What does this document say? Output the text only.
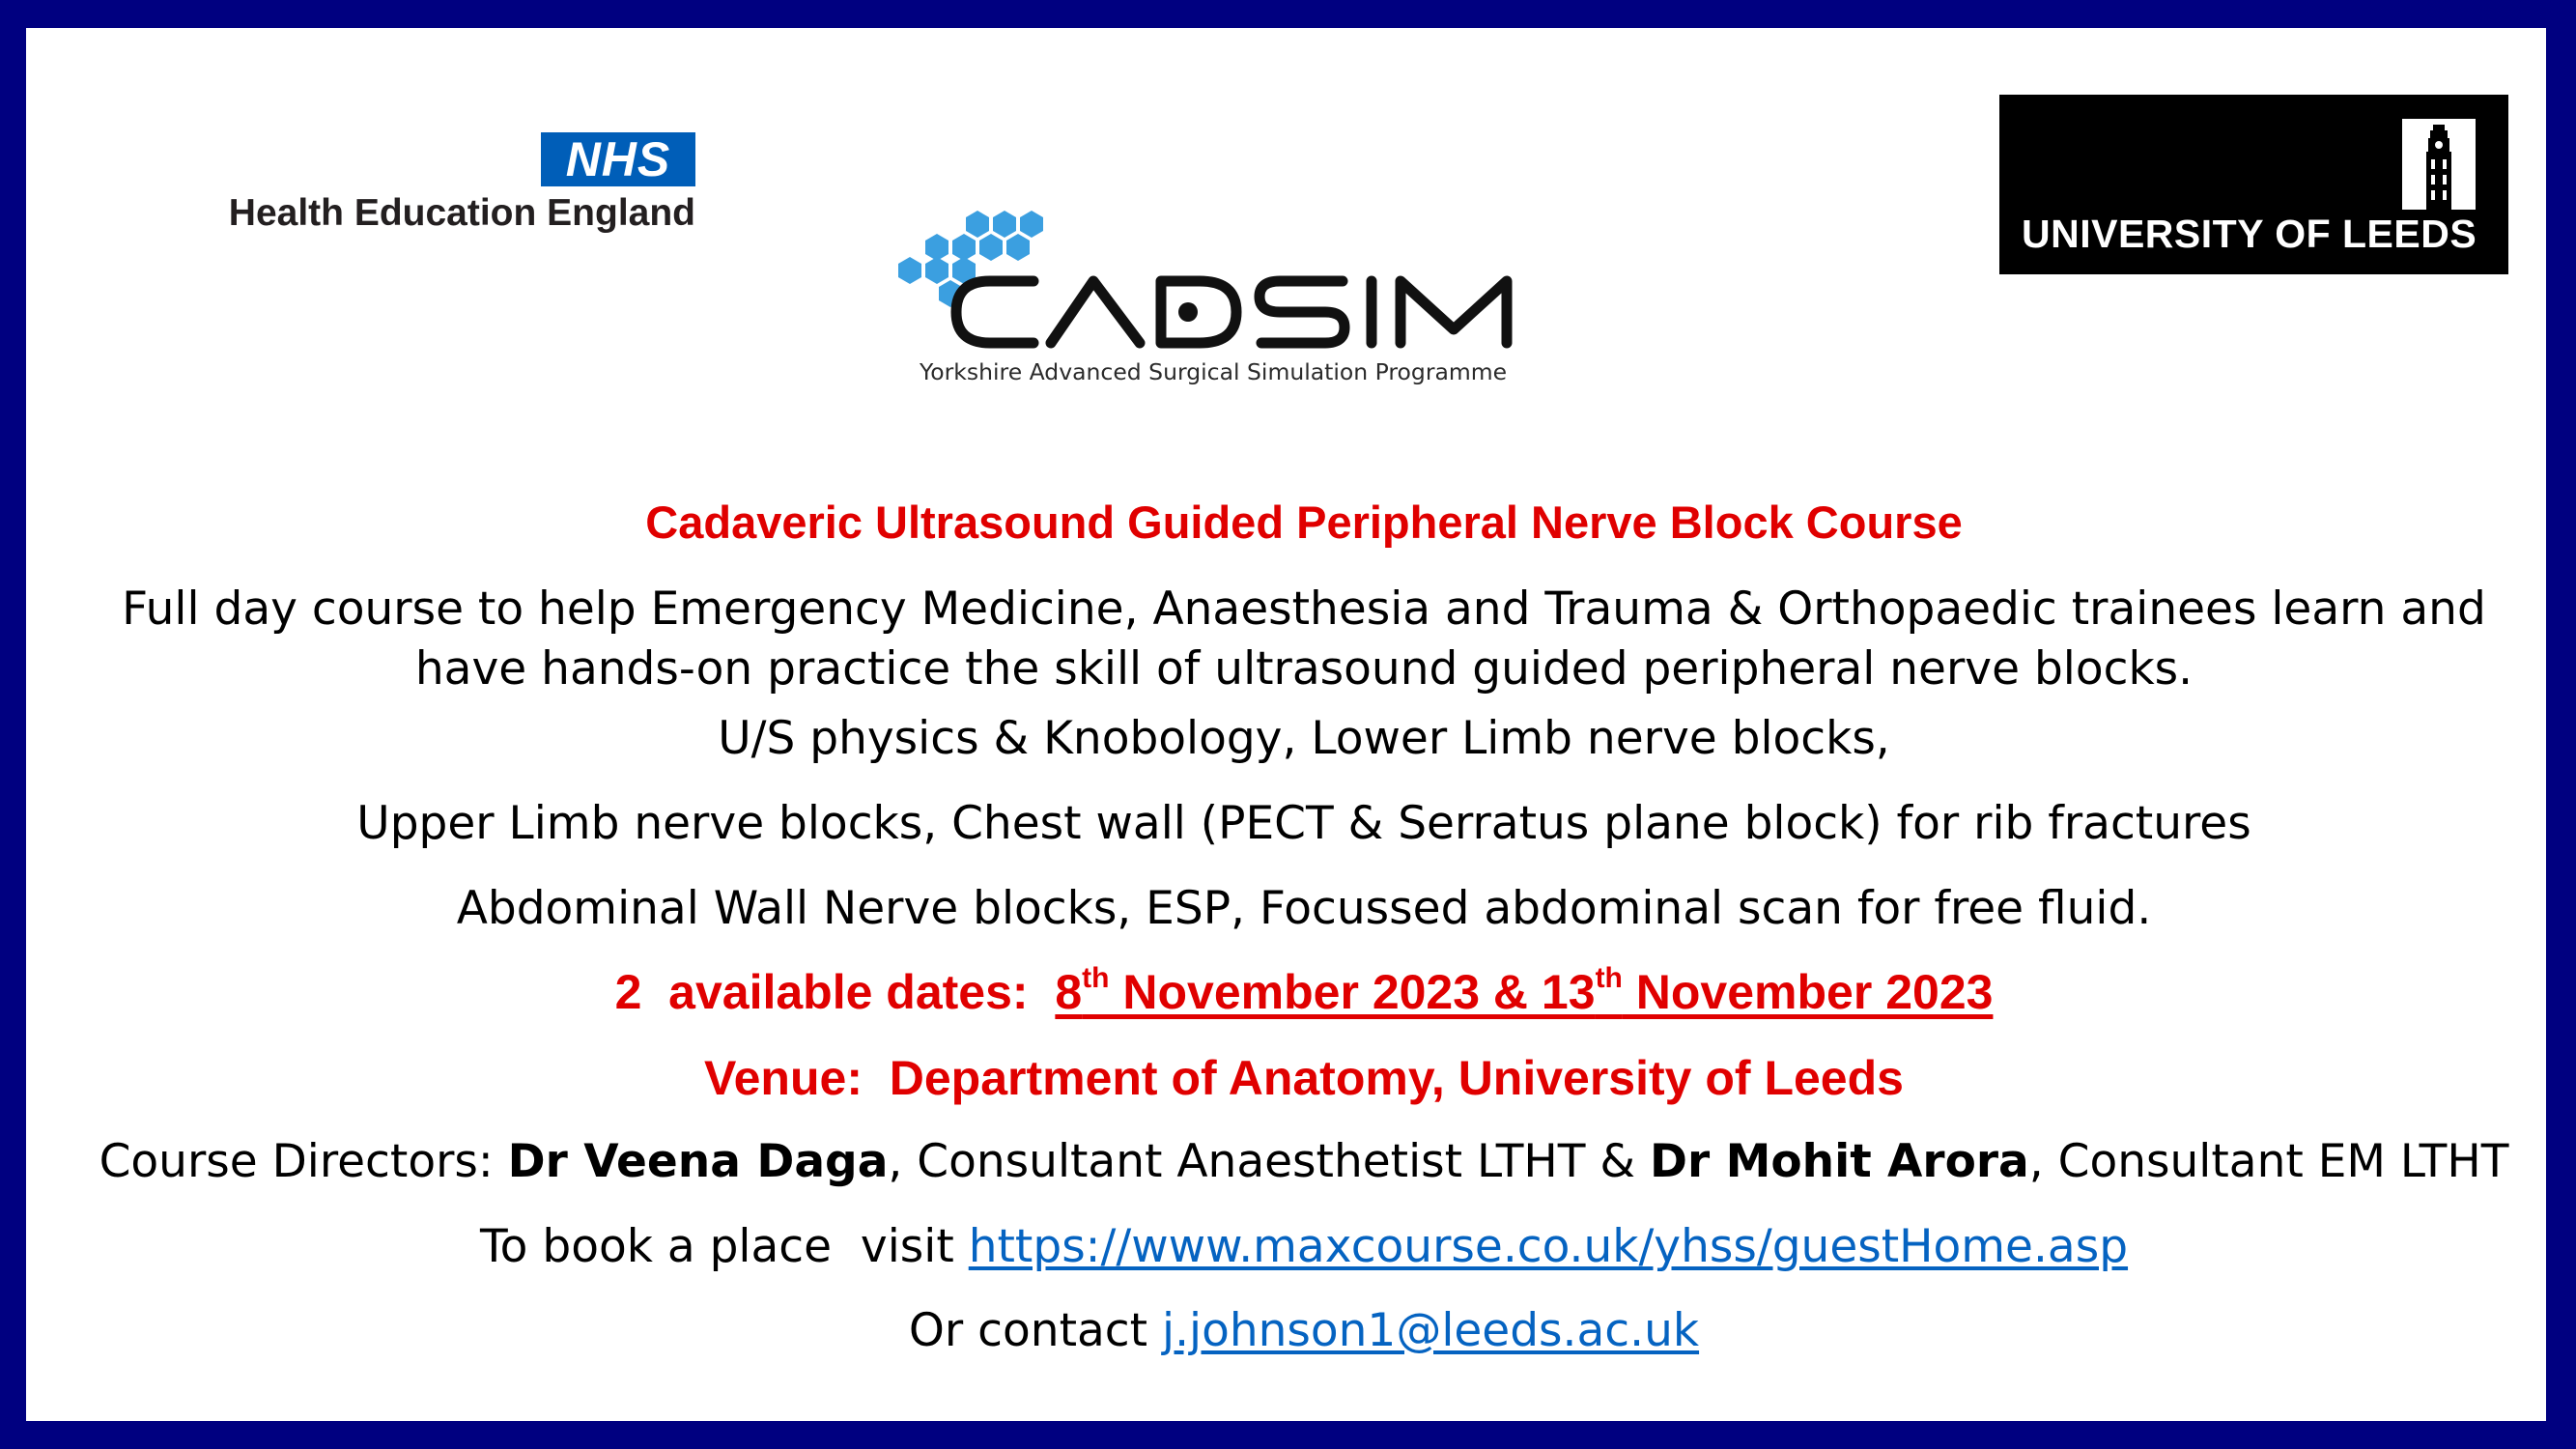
NHS
Health Education England
Yorkshire Advanced Surgical Simulation Programme
UNIVERSITY OF LEEDS
Cadaveric Ultrasound Guided Peripheral Nerve Block Course
Full day course to help Emergency Medicine, Anaesthesia and Trauma & Orthopaedic trainees learn and
have hands-on practice the skill of ultrasound guided peripheral nerve blocks.
U/S physics & Knobology, Lower Limb nerve blocks,
Upper Limb nerve blocks, Chest wall (PECT & Serratus plane block) for rib fractures
Abdominal Wall Nerve blocks, ESP, Focussed abdominal scan for free fluid.
2  available dates:  8th November 2023 & 13th November 2023
Venue:  Department of Anatomy, University of Leeds
Course Directors: Dr Veena Daga, Consultant Anaesthetist LTHT & Dr Mohit Arora, Consultant EM LTHT
To book a place  visit https://www.maxcourse.co.uk/yhss/guestHome.asp
Or contact j.johnson1@leeds.ac.uk
